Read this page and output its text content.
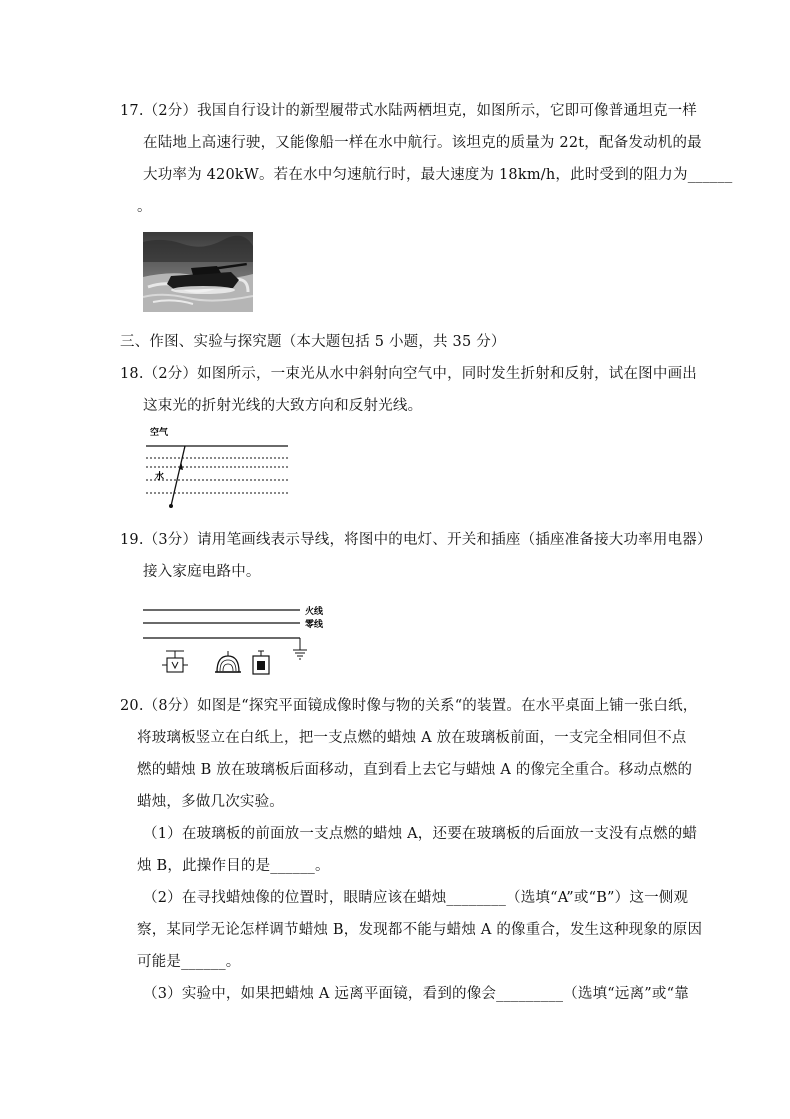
17.（2分）我国自行设计的新型履带式水陆两栖坦克，如图所示，它即可像普通坦克一样
在陆地上高速行驶，又能像船一样在水中航行。该坦克的质量为 22t，配备发动机的最
大功率为 420kW。若在水中匀速航行时，最大速度为 18km/h，此时受到的阻力为______
。
三、作图、实验与探究题（本大题包括 5 小题，共 35 分）
18.（2分）如图所示，一束光从水中斜射向空气中，同时发生折射和反射，试在图中画出
这束光的折射光线的大致方向和反射光线。
空气
水
19.（3分）请用笔画线表示导线，将图中的电灯、开关和插座（插座准备接大功率用电器）
接入家庭电路中。
火线
零线
20.（8分）如图是“探究平面镜成像时像与物的关系“的装置。在水平桌面上铺一张白纸，
将玻璃板竖立在白纸上，把一支点燃的蜡烛 A 放在玻璃板前面，一支完全相同但不点
燃的蜡烛 B 放在玻璃板后面移动，直到看上去它与蜡烛 A 的像完全重合。移动点燃的
蜡烛，多做几次实验。
（1）在玻璃板的前面放一支点燃的蜡烛 A，还要在玻璃板的后面放一支没有点燃的蜡
烛 B，此操作目的是______。
（2）在寻找蜡烛像的位置时，眼睛应该在蜡烛________（选填“A”或“B”）这一侧观
察，某同学无论怎样调节蜡烛 B，发现都不能与蜡烛 A 的像重合，发生这种现象的原因
可能是______。
（3）实验中，如果把蜡烛 A 远离平面镜，看到的像会_________（选填“远离”或“靠
